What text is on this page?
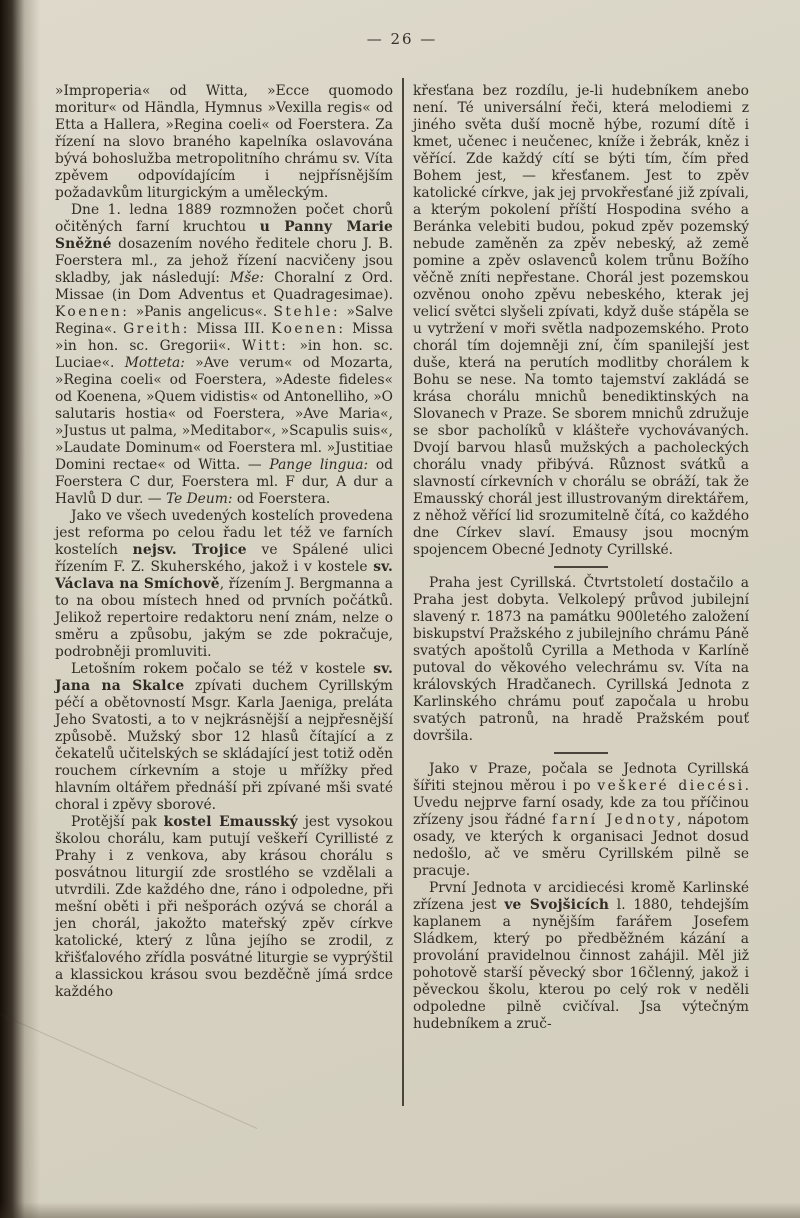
— 26 —

»Improperia« od Witta, »Ecce quomodo moritur« od Händla, Hymnus »Vexilla regis« od Etta a Hallera, »Regina coeli« od Foerstera. Za řízení na slovo braného kapelníka oslavována bývá bohoslužba metropolitního chrámu sv. Víta zpěvem odpovídajícím i nejpřísnějším požadavkům liturgickým a uměleckým.

Dne 1. ledna 1889 rozmnožen počet chorů očitěných farní kruchtou u Panny Marie Sněžné dosazením nového ředitele choru J. B. Foerstera ml., za jehož řízení nacvičeny jsou skladby, jak následují: Mše: Choralní z Ord. Missae (in Dom Adventus et Quadragesimae). Koenen: »Panis angelicus«. Stehle: »Salve Regina«. Greith: Missa III. Koenen: Missa »in hon. sc. Gregorii«. Witt: »in hon. sc. Luciae«. Motteta: »Ave verum« od Mozarta, »Regina coeli« od Foerstera, »Adeste fideles« od Koenena, »Quem vidistis« od Antonelliho, »O salutaris hostia« od Foerstera, »Ave Maria«, »Justus ut palma, »Meditabor«, »Scapulis suis«, »Laudate Dominum« od Foerstera ml. »Justitiae Domini rectae« od Witta. — Pange lingua: od Foerstera C dur, Foerstera ml. F dur, A dur a Havlů D dur. — Te Deum: od Foerstera.

Jako ve všech uvedených kostelích provedena jest reforma po celou řadu let též ve farních kostelích nejsv. Trojice ve Spálené ulici řízením F. Z. Skuherského, jakož i v kostele sv. Václava na Smíchově, řízením J. Bergmanna a to na obou místech hned od prvních počátků. Jelikož repertoire redaktoru není znám, nelze o směru a způsobu, jakým se zde pokračuje, podrobněji promluviti.

Letošním rokem počalo se též v kostele sv. Jana na Skalce zpívati duchem Cyrillským péčí a obětovností Msgr. Karla Jaeniga, preláta Jeho Svatosti, a to v nejkrásnější a nejpřesnější způsobě. Mužský sbor 12 hlasů čítající a z čekatelů učitelských se skládající jest totiž oděn rouchem církevním a stoje u mřížky před hlavním oltářem přednáší při zpívané mši svaté choral i zpěvy sborové.

Protější pak kostel Emausský jest vysokou školou chorálu, kam putují veškeří Cyrillisté z Prahy i z venkova, aby krásou chorálu s posvátnou liturgií zde srostlého se vzdělali a utvrdili. Zde každého dne, ráno i odpoledne, při mešní oběti i při nešporách ozývá se chorál a jen chorál, jakožto mateřský zpěv církve katolické, který z lůna jejího se zrodil, z křišťalového zřídla posvátné liturgie se vyprýštil a klassickou krásou svou bezděčně jímá srdce každého

křesťana bez rozdílu, je-li hudebníkem anebo není. Té universální řeči, která melodiemi z jiného světa duší mocně hýbe, rozumí dítě i kmet, učenec i neučenec, kníže i žebrák, kněz i věřící. Zde každý cítí se býti tím, čím před Bohem jest, — křesťanem. Jest to zpěv katolické církve, jak jej prvokřesťané již zpívali, a kterým pokolení příští Hospodina svého a Beránka velebiti budou, pokud zpěv pozemský nebude zaměněn za zpěv nebeský, až země pomine a zpěv oslavenců kolem trůnu Božího věčně zníti nepřestane. Chorál jest pozemskou ozvěnou onoho zpěvu nebeského, kterak jej velicí světci slyšeli zpívati, když duše stápěla se u vytržení v moři světla nadpozemského. Proto chorál tím dojemněji zní, čím spanilejší jest duše, která na perutích modlitby chorálem k Bohu se nese. Na tomto tajemství zakládá se krása chorálu mnichů benediktinských na Slovanech v Praze. Se sborem mnichů združuje se sbor pacholíků v klášteře vychovávaných. Dvojí barvou hlasů mužských a pacholeckých chorálu vnady přibývá. Různost svátků a slavností církevních v chorálu se obráží, tak že Emausský chorál jest illustrovaným direktářem, z něhož věřící lid srozumitelně čítá, co každého dne Církev slaví. Emausy jsou mocným spojencem Obecné Jednoty Cyrillské.

Praha jest Cyrillská. Čtvrtstoletí dostačilo a Praha jest dobyta. Velkolepý průvod jubilejní slavený r. 1873 na památku 900letého založení biskupství Pražského z jubilejního chrámu Páně svatých apoštolů Cyrilla a Methoda v Karlíně putoval do věkového velechrámu sv. Víta na královských Hradčanech. Cyrillská Jednota z Karlinského chrámu pouť započala u hrobu svatých patronů, na hradě Pražském pouť dovršila.

Jako v Praze, počala se Jednota Cyrillská šířiti stejnou měrou i po veškeré diecési. Uvedu nejprve farní osady, kde za tou příčinou zřízeny jsou řádné farní Jednoty, nápotom osady, ve kterých k organisaci Jednot dosud nedošlo, ač ve směru Cyrillském pilně se pracuje.

První Jednota v arcidiecési kromě Karlinské zřízena jest ve Svojšicích l. 1880, tehdejším kaplanem a nynějším farářem Josefem Sládkem, který po předběžném kázání a provolání pravidelnou činnost zahájil. Měl již pohotově starší pěvecký sbor 16členný, jakož i pěveckou školu, kterou po celý rok v neděli odpoledne pilně cvičíval. Jsa výtečným hudebníkem a zruč-
